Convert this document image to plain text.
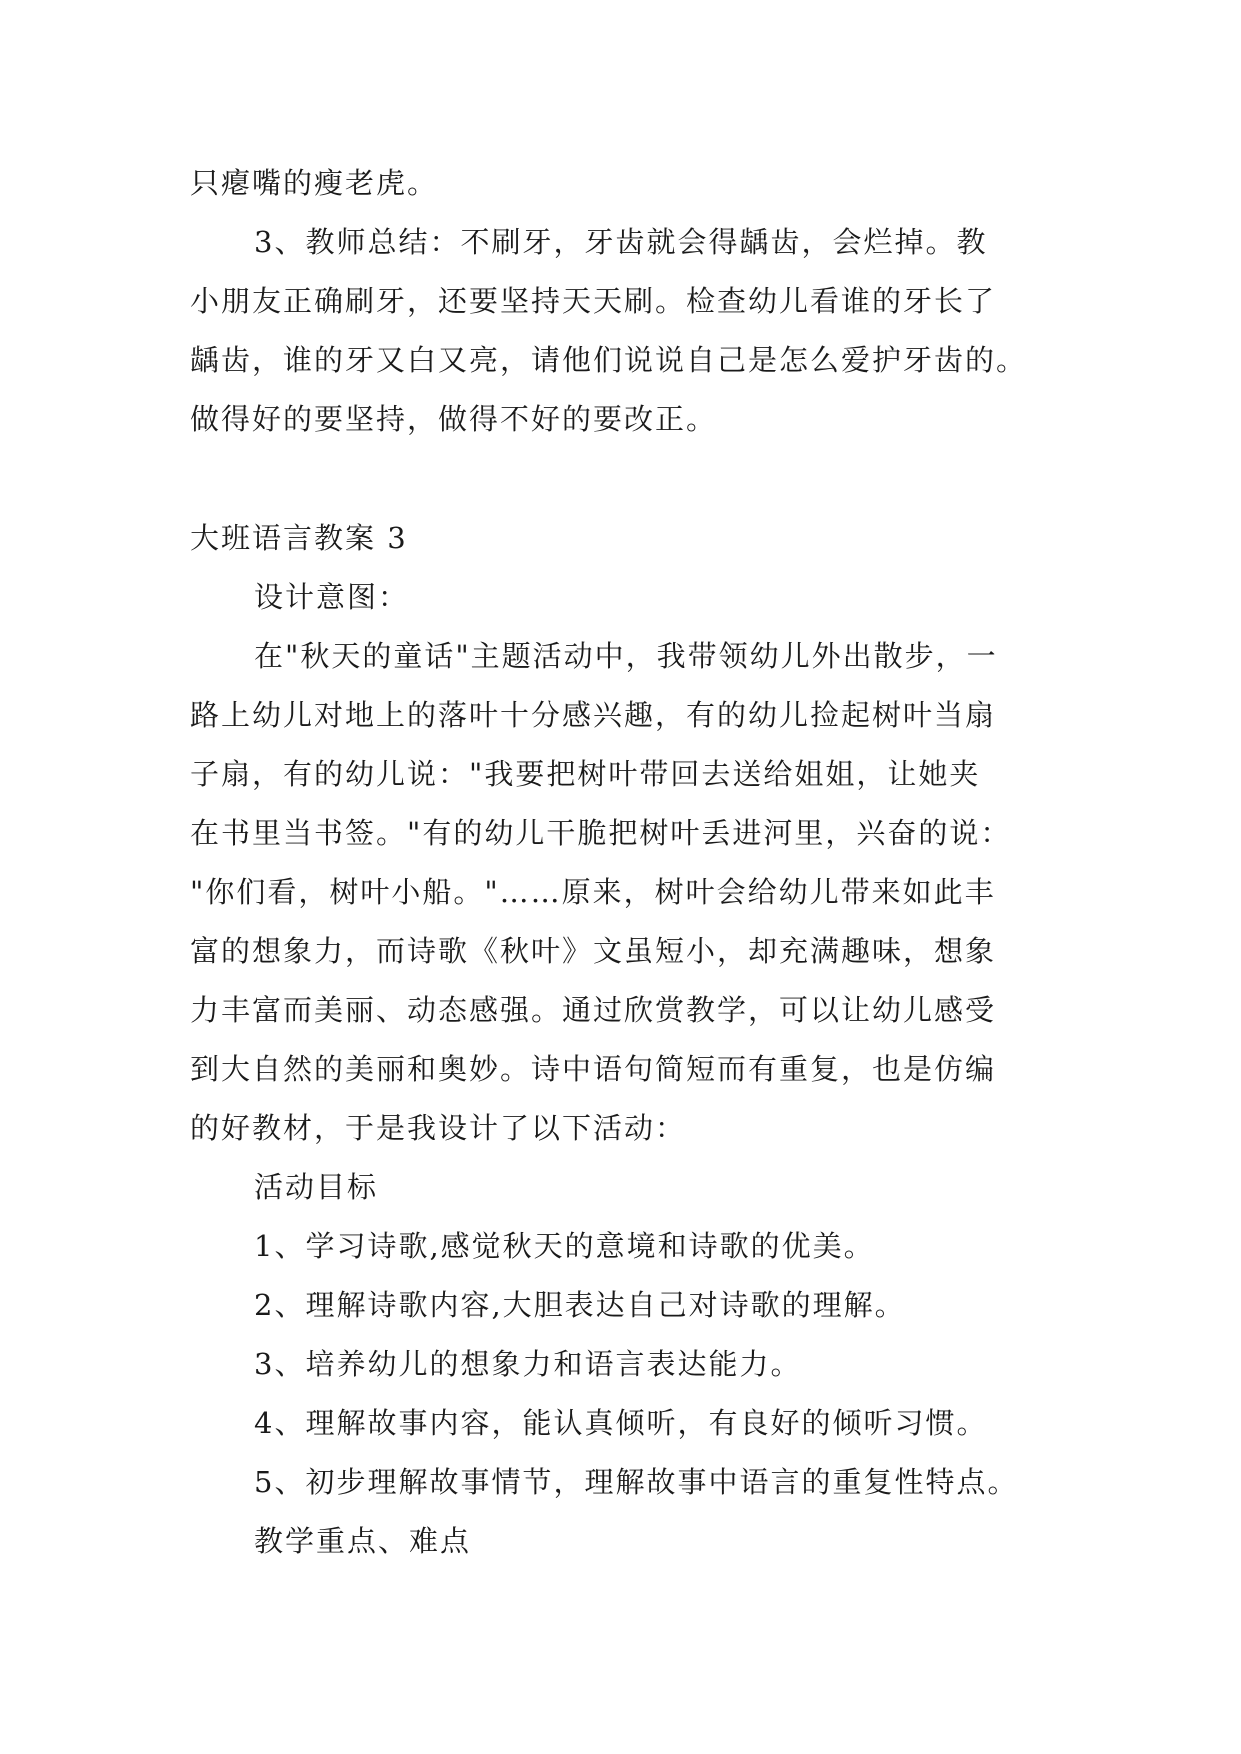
只瘪嘴的瘦老虎。
3、教师总结：不刷牙，牙齿就会得龋齿，会烂掉。教
小朋友正确刷牙，还要坚持天天刷。检查幼儿看谁的牙长了
龋齿，谁的牙又白又亮，请他们说说自己是怎么爱护牙齿的。
做得好的要坚持，做得不好的要改正。
大班语言教案 3
设计意图：
在"秋天的童话"主题活动中，我带领幼儿外出散步，一
路上幼儿对地上的落叶十分感兴趣，有的幼儿捡起树叶当扇
子扇，有的幼儿说："我要把树叶带回去送给姐姐，让她夹
在书里当书签。"有的幼儿干脆把树叶丢进河里，兴奋的说：
"你们看，树叶小船。"……原来，树叶会给幼儿带来如此丰
富的想象力，而诗歌《秋叶》文虽短小，却充满趣味，想象
力丰富而美丽、动态感强。通过欣赏教学，可以让幼儿感受
到大自然的美丽和奥妙。诗中语句简短而有重复，也是仿编
的好教材，于是我设计了以下活动：
活动目标
1、学习诗歌,感觉秋天的意境和诗歌的优美。
2、理解诗歌内容,大胆表达自己对诗歌的理解。
3、培养幼儿的想象力和语言表达能力。
4、理解故事内容，能认真倾听，有良好的倾听习惯。
5、初步理解故事情节，理解故事中语言的重复性特点。
教学重点、难点
